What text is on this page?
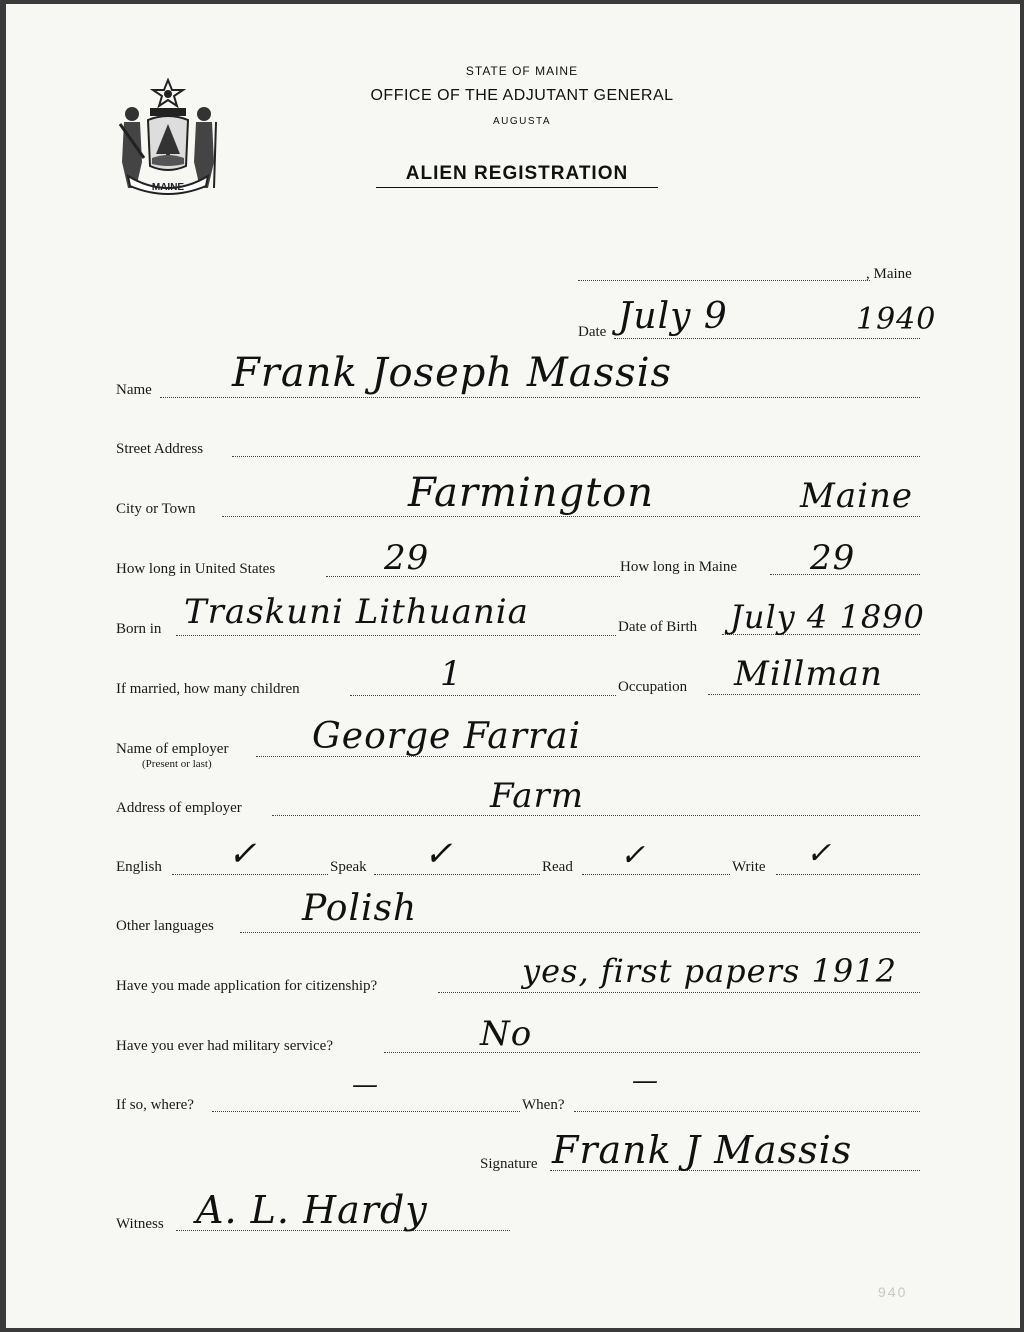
MAINE
STATE OF MAINE
OFFICE OF THE ADJUTANT GENERAL
AUGUSTA
ALIEN REGISTRATION
, Maine
Date July 9	1940
Name Frank Joseph Massis
Street Address
City or Town	Farmington	Maine
How long in United States	29	How long in Maine 29
Born in Traskuni Lithuania	Date of Birth July 4 1890
If married, how many children	1	Occupation Millman
Name of employer
(Present or last)
George Farrai
Address of employer	Farm
English ✓	Speak ✓	Read ✓	Write ✓
Other languages Polish
Have you made application for citizenship?	yes, first papers 1912
Have you ever had military service?	No
If so, where?
—
When?
—
Signature Frank J Massis
Witness A. L. Hardy
940
